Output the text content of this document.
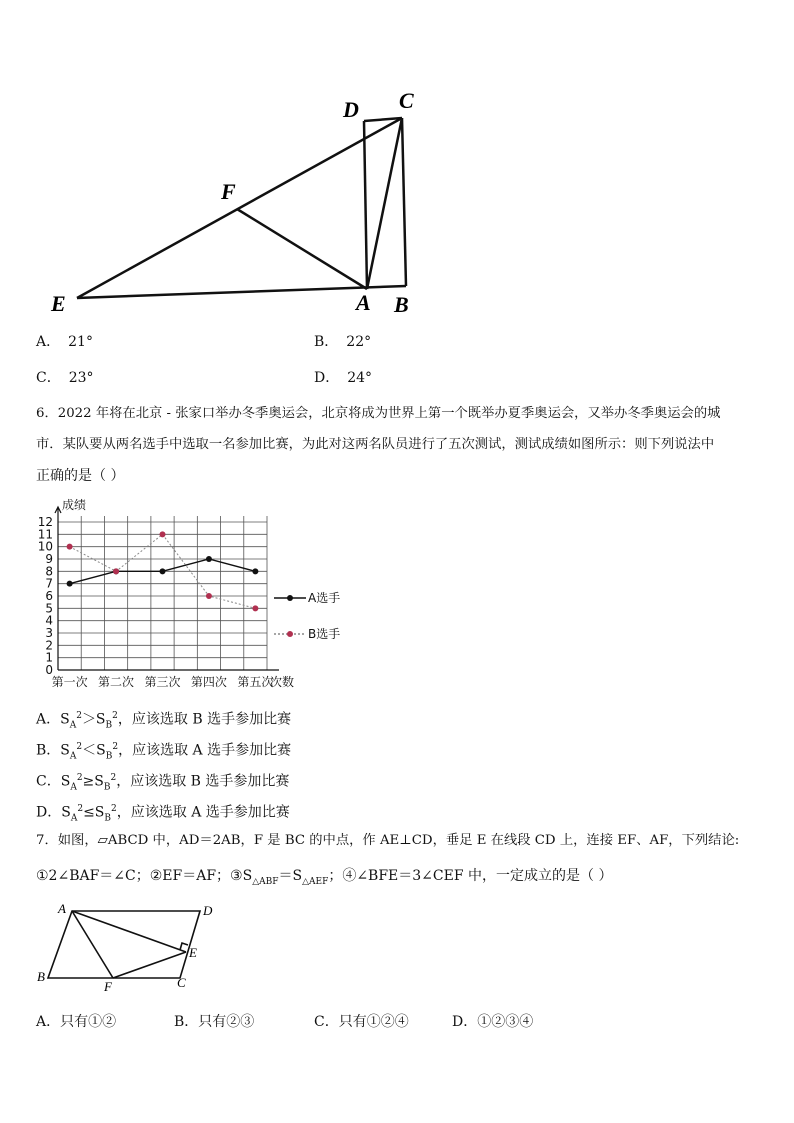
D C
F
E	A B
A． 21°	B． 22°
C． 23°	D． 24°
6．2022 年将在北京 - 张家口举办冬季奥运会，北京将成为世界上第一个既举办夏季奥运会，又举办冬季奥运会的城
市．某队要从两名选手中选取一名参加比赛，为此对这两名队员进行了五次测试，测试成绩如图所示：则下列说法中
正确的是（ ）
0
1
2
3
4
5
6
7
8
9
10
11
12
成绩
第一次 第二次 第三次 第四次 第五次
次数
A选手
B选手
A．$S_A^2>S_B^2$，应该选取 B 选手参加比赛
B．$S_A^2<S_B^2$，应该选取 A 选手参加比赛
C．$S_A^2\ge S_B^2$，应该选取 B 选手参加比赛
D．$S_A^2\le S_B^2$，应该选取 A 选手参加比赛
7．如图，▱ABCD 中，AD＝2AB，F 是 BC 的中点，作 AE⊥CD，垂足 E 在线段 CD 上，连接 EF、AF，下列结论:
①2∠BAF＝∠C；②EF＝AF；$③S_{\triangle ABF}=S_{\triangle AEF}$；④∠BFE＝3∠CEF 中，一定成立的是（ ）
A	D
E
B
F	C
A．只有①②	B．只有②③	C．只有①②④	D．①②③④
